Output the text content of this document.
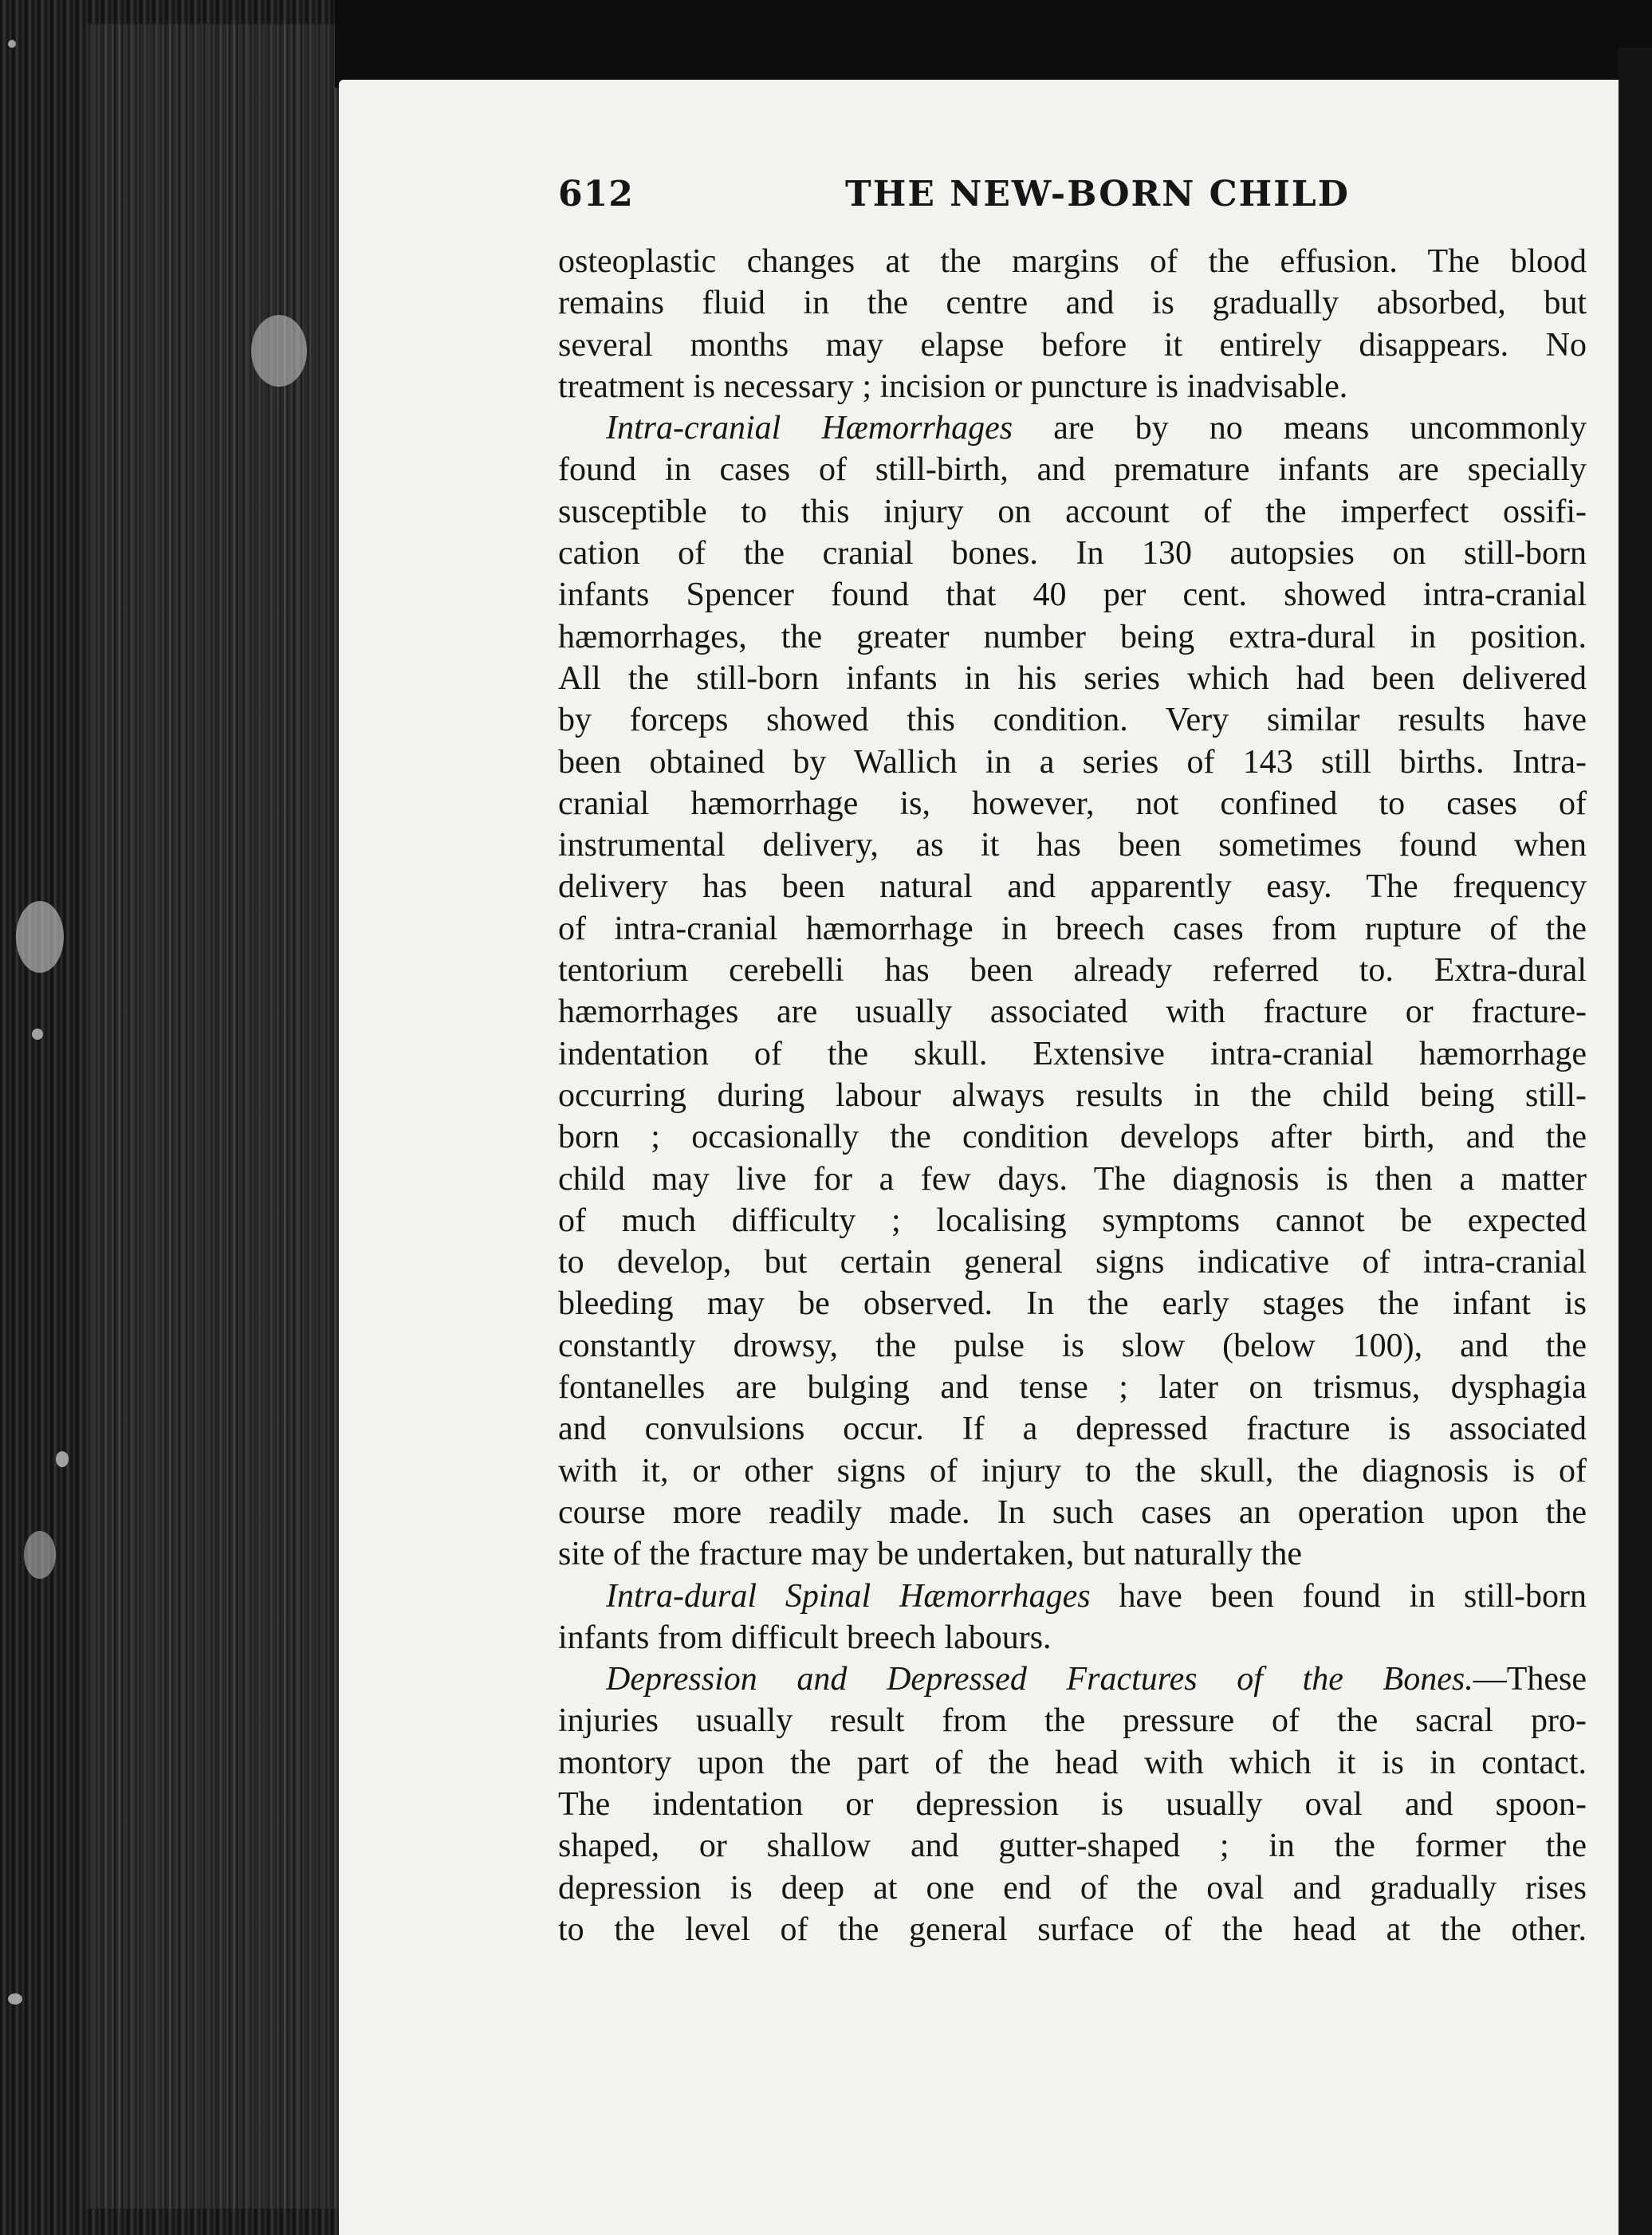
612	THE NEW-BORN CHILD
osteoplastic changes at the margins of the effusion. The blood
remains fluid in the centre and is gradually absorbed, but
several months may elapse before it entirely disappears. No
treatment is necessary ; incision or puncture is inadvisable.
Intra-cranial Hæmorrhages are by no means uncommonly
found in cases of still-birth, and premature infants are specially
susceptible to this injury on account of the imperfect ossifi-
cation of the cranial bones. In 130 autopsies on still-born
infants Spencer found that 40 per cent. showed intra-cranial
hæmorrhages, the greater number being extra-dural in position.
All the still-born infants in his series which had been delivered
by forceps showed this condition. Very similar results have
been obtained by Wallich in a series of 143 still births. Intra-
cranial hæmorrhage is, however, not confined to cases of
instrumental delivery, as it has been sometimes found when
delivery has been natural and apparently easy. The frequency
of intra-cranial hæmorrhage in breech cases from rupture of the
tentorium cerebelli has been already referred to. Extra-dural
hæmorrhages are usually associated with fracture or fracture-
indentation of the skull. Extensive intra-cranial hæmorrhage
occurring during labour always results in the child being still-
born ; occasionally the condition develops after birth, and the
child may live for a few days. The diagnosis is then a matter
of much difficulty ; localising symptoms cannot be expected
to develop, but certain general signs indicative of intra-cranial
bleeding may be observed. In the early stages the infant is
constantly drowsy, the pulse is slow (below 100), and the
fontanelles are bulging and tense ; later on trismus, dysphagia
and convulsions occur. If a depressed fracture is associated
with it, or other signs of injury to the skull, the diagnosis is of
course more readily made. In such cases an operation upon the
site of the fracture may be undertaken, but naturally the
Intra-dural Spinal Hæmorrhages have been found in still-born
infants from difficult breech labours.
Depression and Depressed Fractures of the Bones.—These
injuries usually result from the pressure of the sacral pro-
montory upon the part of the head with which it is in contact.
The indentation or depression is usually oval and spoon-
shaped, or shallow and gutter-shaped ; in the former the
depression is deep at one end of the oval and gradually rises
to the level of the general surface of the head at the other.
